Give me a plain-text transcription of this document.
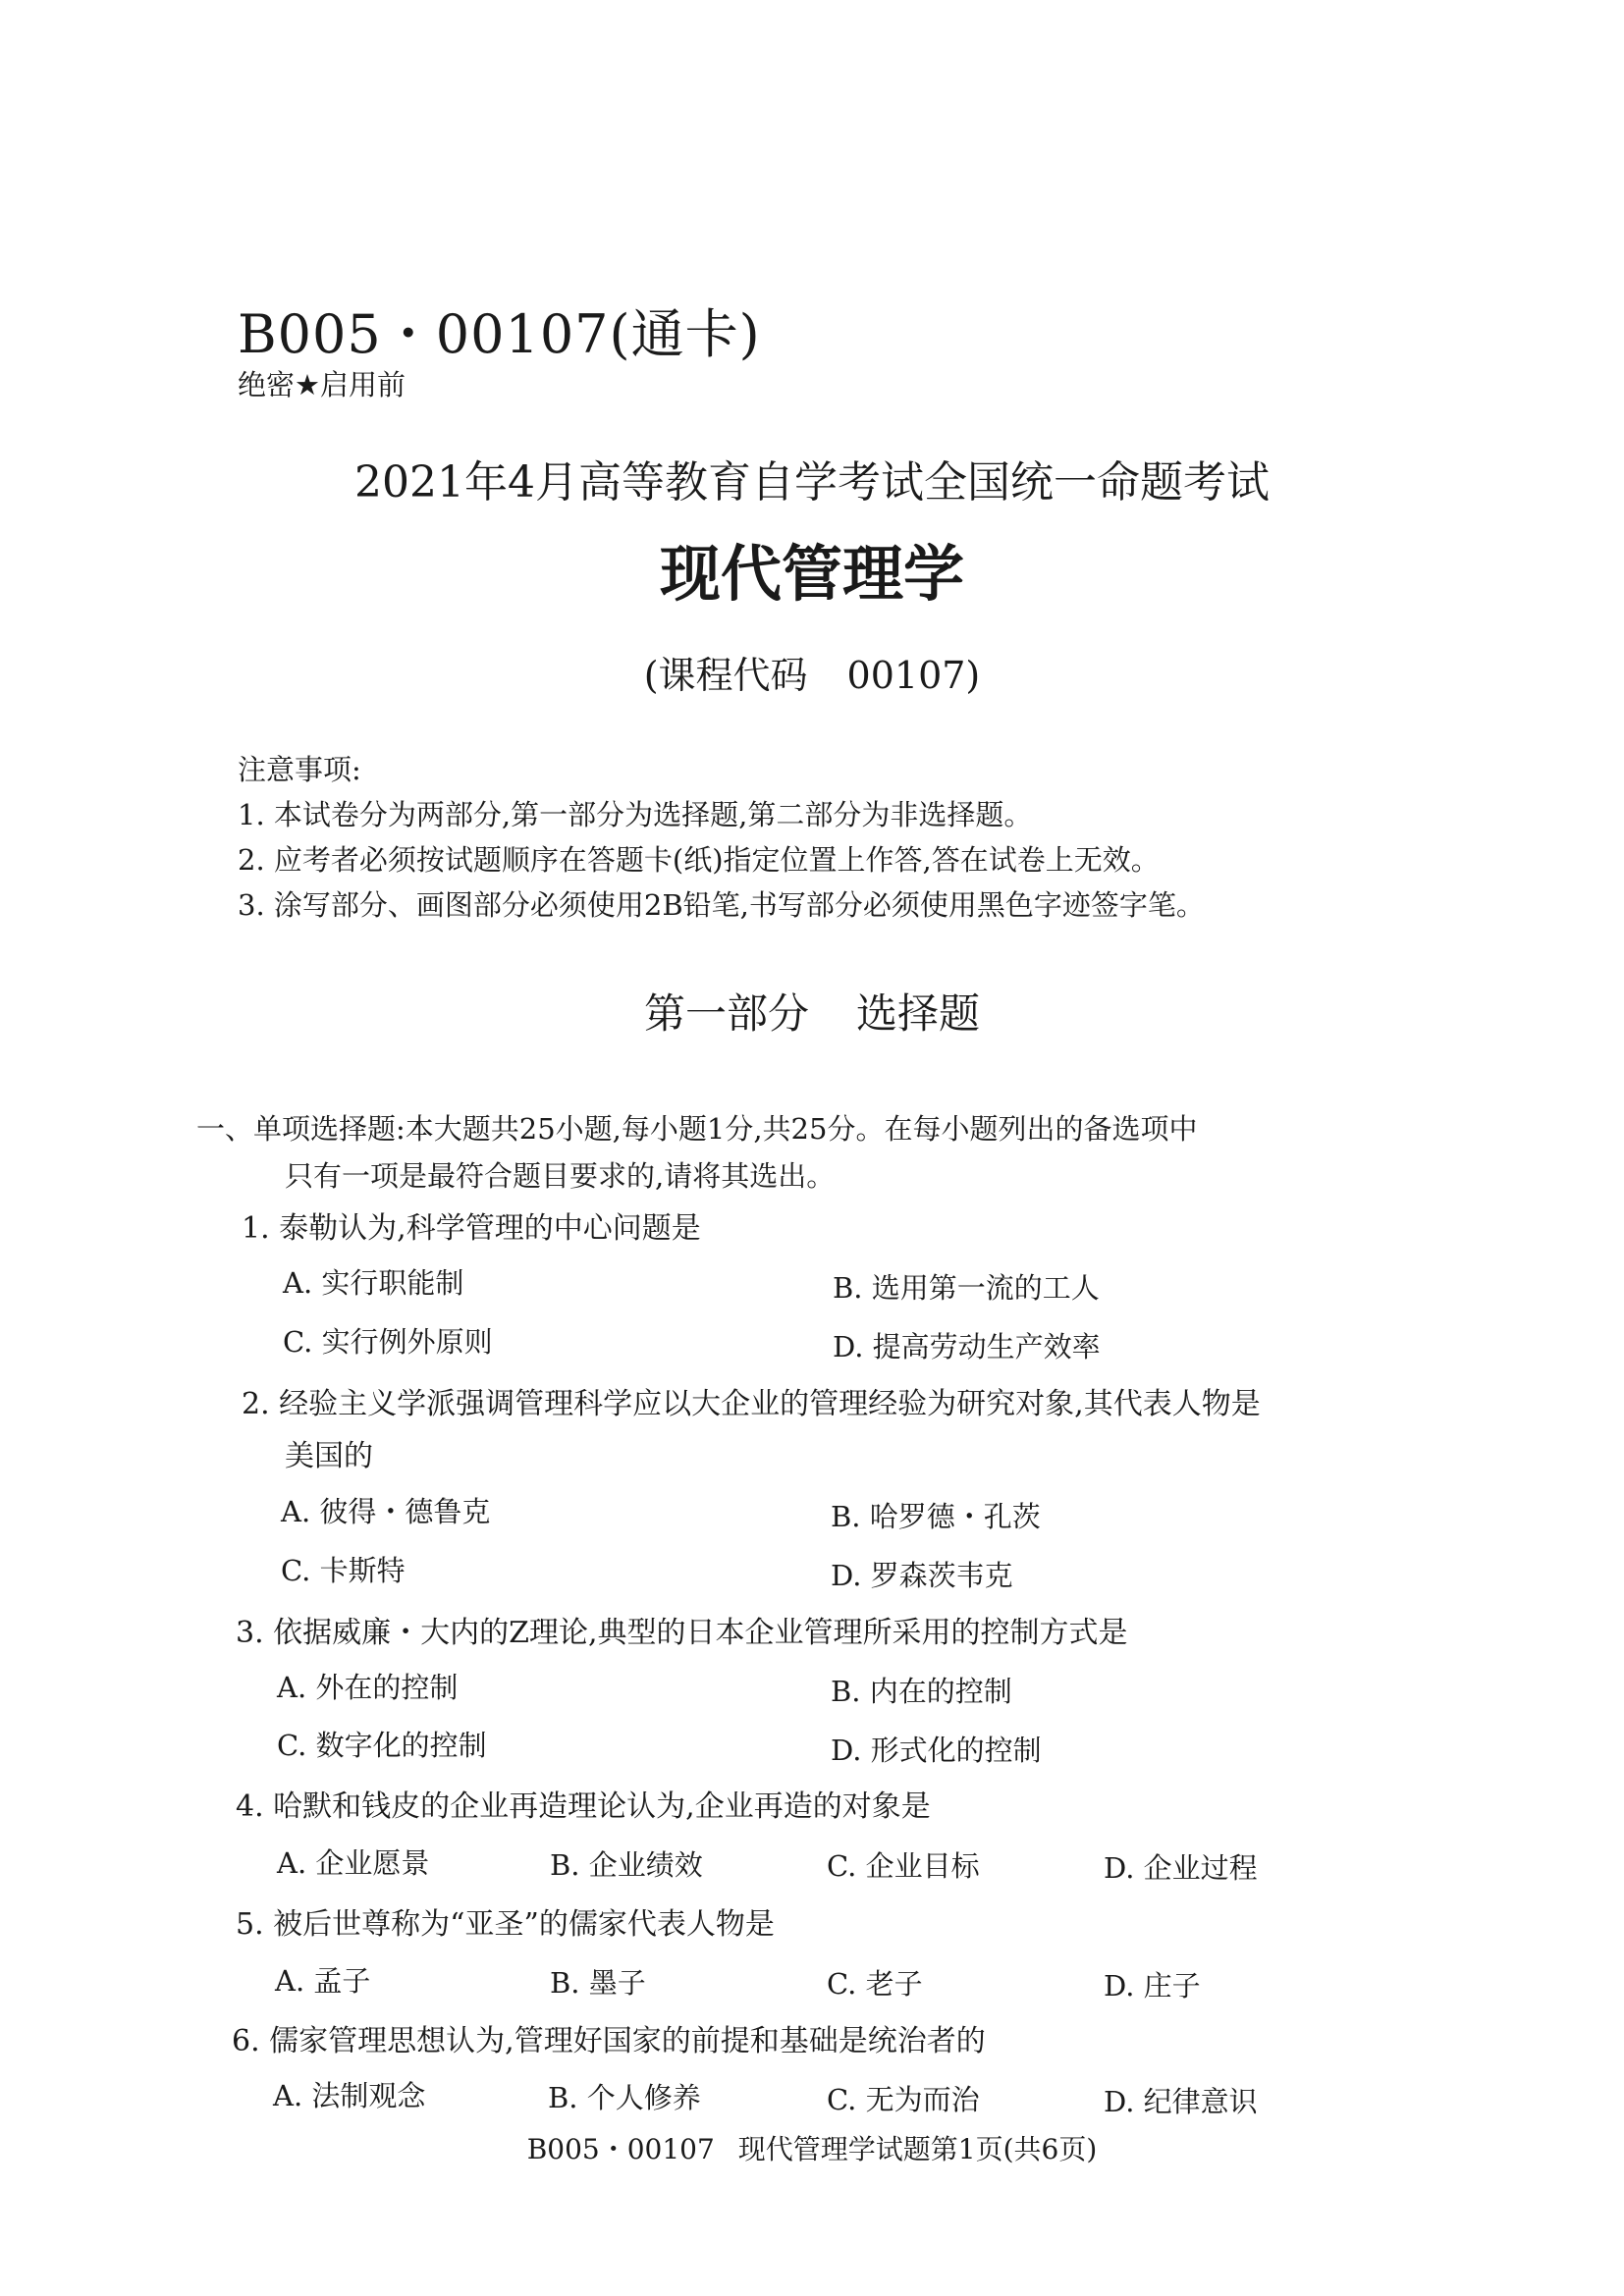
B005・00107(通卡)
绝密★启用前
2021年4月高等教育自学考试全国统一命题考试
现代管理学
(课程代码 00107)
注意事项:
1. 本试卷分为两部分,第一部分为选择题,第二部分为非选择题。
2. 应考者必须按试题顺序在答题卡(纸)指定位置上作答,答在试卷上无效。
3. 涂写部分、画图部分必须使用2B铅笔,书写部分必须使用黑色字迹签字笔。
第一部分 选择题
一、单项选择题:本大题共25小题,每小题1分,共25分。在每小题列出的备选项中
只有一项是最符合题目要求的,请将其选出。
1. 泰勒认为,科学管理的中心问题是
A. 实行职能制	B. 选用第一流的工人
C. 实行例外原则	D. 提高劳动生产效率
2. 经验主义学派强调管理科学应以大企业的管理经验为研究对象,其代表人物是
美国的
A. 彼得・德鲁克	B. 哈罗德・孔茨
C. 卡斯特	D. 罗森茨韦克
3. 依据威廉・大内的Z理论,典型的日本企业管理所采用的控制方式是
A. 外在的控制	B. 内在的控制
C. 数字化的控制	D. 形式化的控制
4. 哈默和钱皮的企业再造理论认为,企业再造的对象是
A. 企业愿景	B. 企业绩效	C. 企业目标	D. 企业过程
5. 被后世尊称为“亚圣”的儒家代表人物是
A. 孟子	B. 墨子	C. 老子	D. 庄子
6. 儒家管理思想认为,管理好国家的前提和基础是统治者的
A. 法制观念	B. 个人修养	C. 无为而治	D. 纪律意识
B005・00107 现代管理学试题第1页(共6页)
